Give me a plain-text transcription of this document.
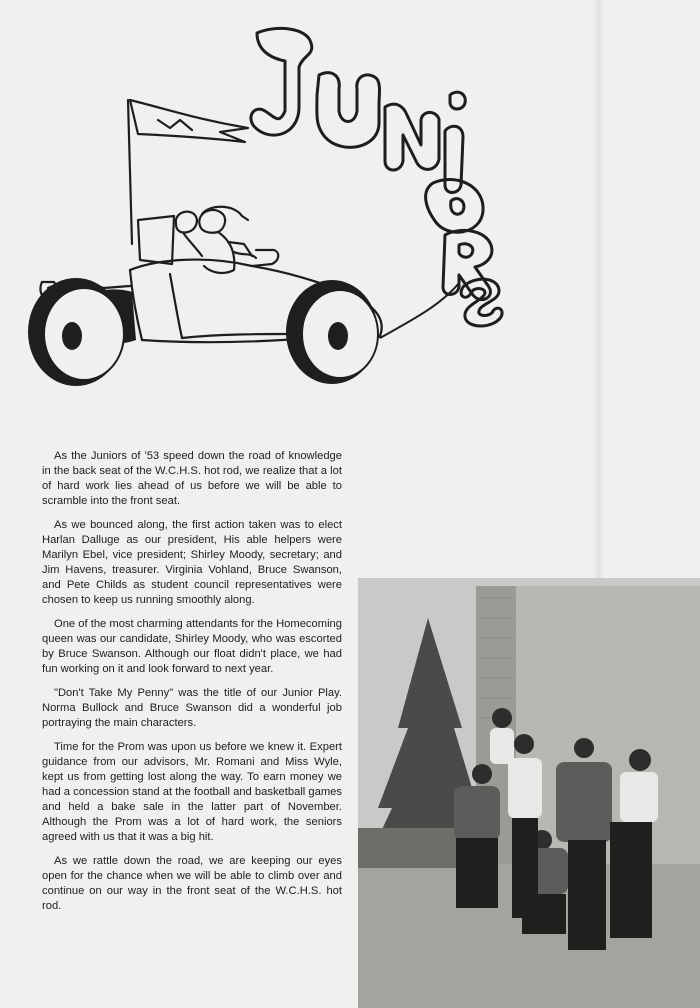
As the Juniors of '53 speed down the road of knowledge in the back seat of the W.C.H.S. hot rod, we realize that a lot of hard work lies ahead of us before we will be able to scramble into the front seat.

As we bounced along, the first action taken was to elect Harlan Dalluge as our president, His able helpers were Marilyn Ebel, vice president; Shirley Moody, secretary; and Jim Havens, treasurer. Virginia Vohland, Bruce Swanson, and Pete Childs as student council representatives were chosen to keep us running smoothly along.

One of the most charming attendants for the Homecoming queen was our candidate, Shirley Moody, who was escorted by Bruce Swanson. Although our float didn't place, we had fun working on it and look forward to next year.

"Don't Take My Penny" was the title of our Junior Play. Norma Bullock and Bruce Swanson did a wonderful job portraying the main characters.

Time for the Prom was upon us before we knew it. Expert guidance from our advisors, Mr. Romani and Miss Wyle, kept us from getting lost along the way. To earn money we had a concession stand at the football and basketball games and held a bake sale in the latter part of November. Although the Prom was a lot of hard work, the seniors agreed with us that it was a big hit.

As we rattle down the road, we are keeping our eyes open for the chance when we will be able to climb over and continue on our way in the front seat of the W.C.H.S. hot rod.
